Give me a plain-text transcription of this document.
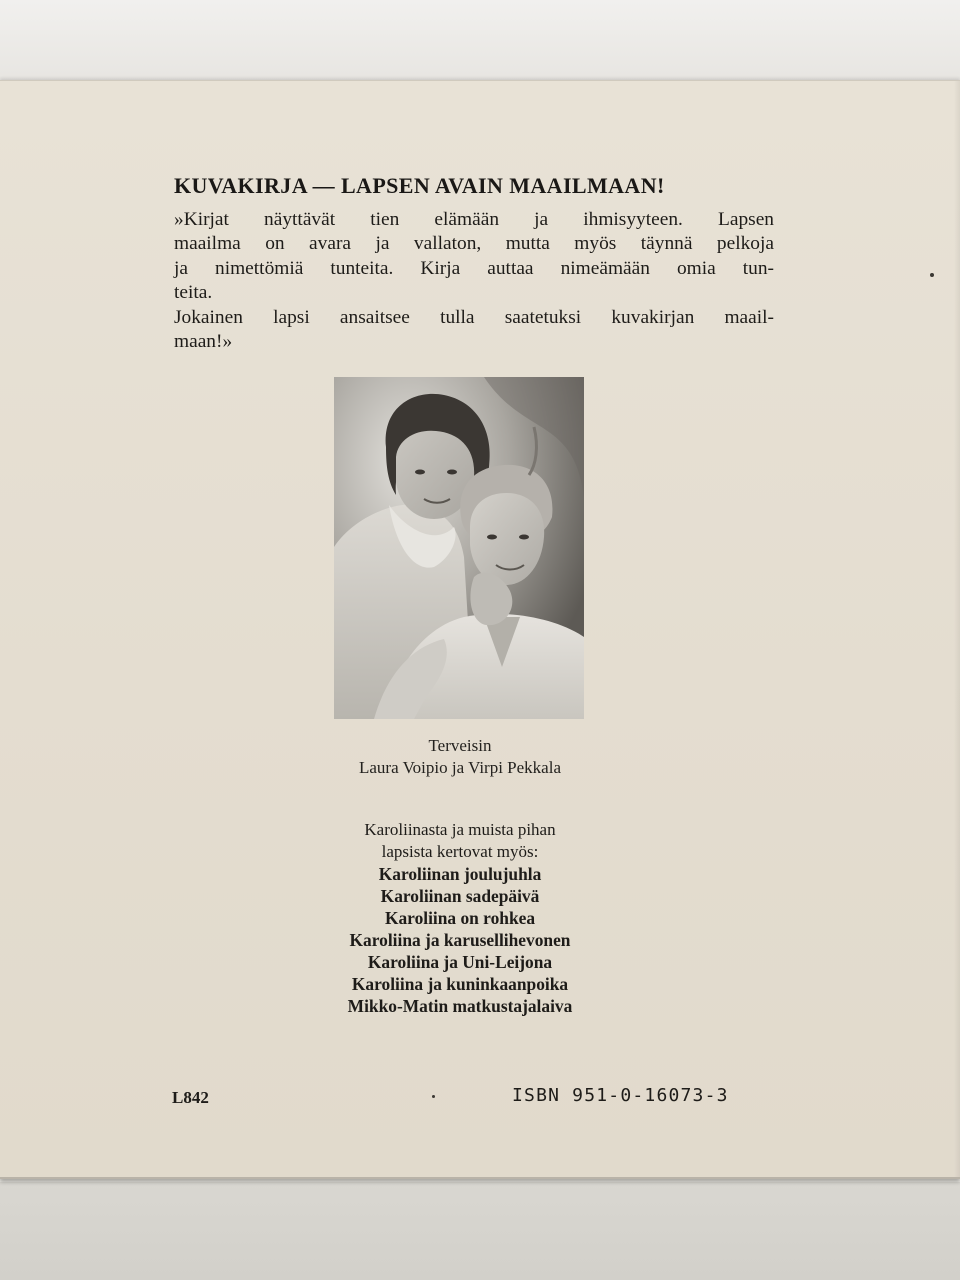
KUVAKIRJA — LAPSEN AVAIN MAAILMAAN!

»Kirjat näyttävät tien elämään ja ihmisyyteen. Lapsen
maailma on avara ja vallaton, mutta myös täynnä pelkoja
ja nimettömiä tunteita. Kirja auttaa nimeämään omia tun-
teita.
Jokainen lapsi ansaitsee tulla saatetuksi kuvakirjan maail-
maan!»

Terveisin
Laura Voipio ja Virpi Pekkala
Karoliinasta ja muista pihan
lapsista kertovat myös:
Karoliinan joulujuhla
Karoliinan sadepäivä
Karoliina on rohkea
Karoliina ja karusellihevonen
Karoliina ja Uni-Leijona
Karoliina ja kuninkaanpoika
Mikko-Matin matkustajalaiva
L842	ISBN 951-0-16073-3
